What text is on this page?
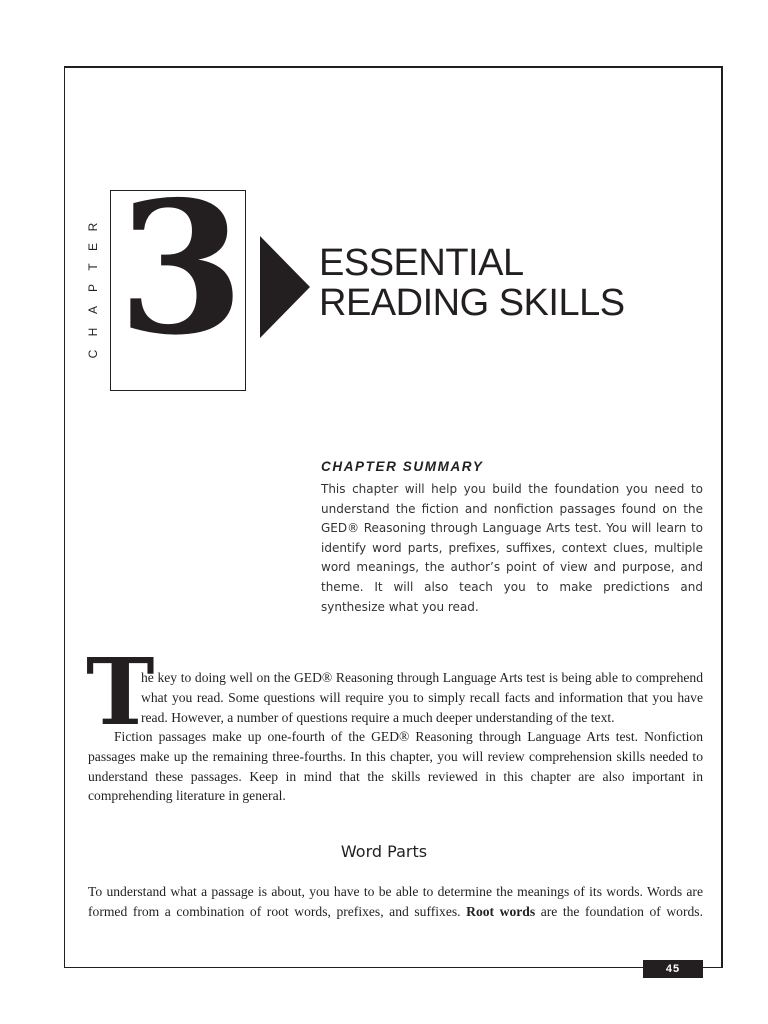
C
H
A
P
T
E
R 3 ESSENTIAL
READING SKILLS
CHAPTER SUMMARY
This chapter will help you build the foundation you need to understand the fiction and nonfiction passages found on the GED® Reasoning through Language Arts test. You will learn to identify word parts, prefixes, suffixes, context clues, multiple word meanings, the author’s point of view and purpose, and theme. It will also teach you to make predictions and synthesize what you read.
T
he key to doing well on the GED® Reasoning through Language Arts test is being able to comprehend what you read. Some questions will require you to simply recall facts and information that you have read. However, a number of questions require a much deeper understanding of the text.
Fiction passages make up one-fourth of the GED® Reasoning through Language Arts test. Nonfiction passages make up the remaining three-fourths. In this chapter, you will review comprehension skills needed to understand these passages. Keep in mind that the skills reviewed in this chapter are also important in comprehending literature in general.
Word Parts
To understand what a passage is about, you have to be able to determine the meanings of its words. Words are formed from a combination of root words, prefixes, and suffixes. Root words are the foundation of words.
45
